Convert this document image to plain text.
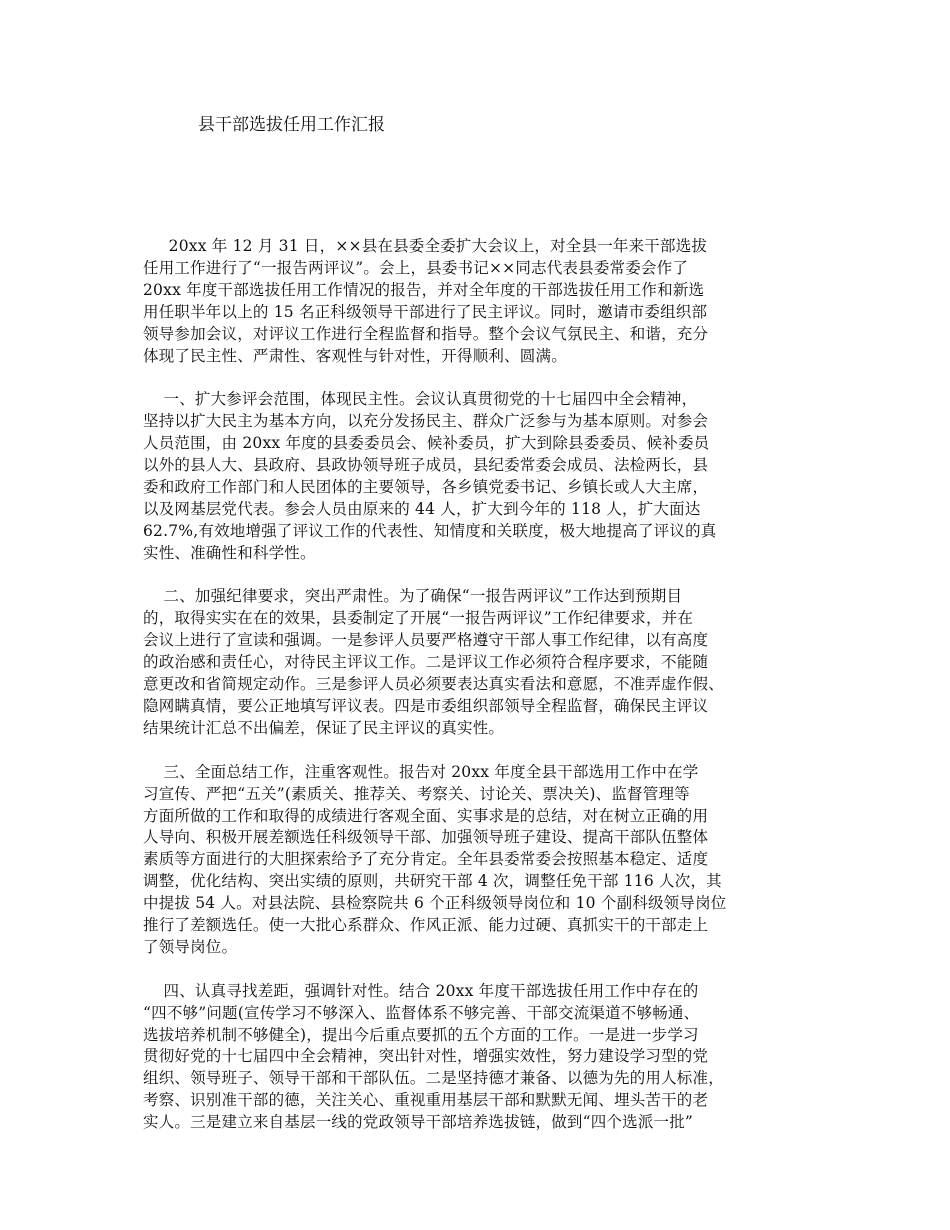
县干部选拔任用工作汇报
20xx 年 12 月 31 日，××县在县委全委扩大会议上，对全县一年来干部选拔
任用工作进行了“一报告两评议”。会上，县委书记××同志代表县委常委会作了
20xx 年度干部选拔任用工作情况的报告，并对全年度的干部选拔任用工作和新选
用任职半年以上的 15 名正科级领导干部进行了民主评议。同时，邀请市委组织部
领导参加会议，对评议工作进行全程监督和指导。整个会议气氛民主、和谐，充分
体现了民主性、严肃性、客观性与针对性，开得顺利、圆满。
一、扩大参评会范围，体现民主性。会议认真贯彻党的十七届四中全会精神，
坚持以扩大民主为基本方向，以充分发扬民主、群众广泛参与为基本原则。对参会
人员范围，由 20xx 年度的县委委员会、候补委员，扩大到除县委委员、候补委员
以外的县人大、县政府、县政协领导班子成员，县纪委常委会成员、法检两长，县
委和政府工作部门和人民团体的主要领导，各乡镇党委书记、乡镇长或人大主席，
以及网基层党代表。参会人员由原来的 44 人，扩大到今年的 118 人，扩大面达
62.7%,有效地增强了评议工作的代表性、知情度和关联度，极大地提高了评议的真
实性、准确性和科学性。
二、加强纪律要求，突出严肃性。为了确保“一报告两评议”工作达到预期目
的，取得实实在在的效果，县委制定了开展“一报告两评议”工作纪律要求，并在
会议上进行了宣读和强调。一是参评人员要严格遵守干部人事工作纪律，以有高度
的政治感和责任心，对待民主评议工作。二是评议工作必须符合程序要求，不能随
意更改和省简规定动作。三是参评人员必须要表达真实看法和意愿，不准弄虚作假、
隐网瞒真情，要公正地填写评议表。四是市委组织部领导全程监督，确保民主评议
结果统计汇总不出偏差，保证了民主评议的真实性。
三、全面总结工作，注重客观性。报告对 20xx 年度全县干部选用工作中在学
习宣传、严把“五关”(素质关、推荐关、考察关、讨论关、票决关)、监督管理等
方面所做的工作和取得的成绩进行客观全面、实事求是的总结，对在树立正确的用
人导向、积极开展差额选任科级领导干部、加强领导班子建设、提高干部队伍整体
素质等方面进行的大胆探索给予了充分肯定。全年县委常委会按照基本稳定、适度
调整，优化结构、突出实绩的原则，共研究干部 4 次，调整任免干部 116 人次，其
中提拔 54 人。对县法院、县检察院共 6 个正科级领导岗位和 10 个副科级领导岗位
推行了差额选任。使一大批心系群众、作风正派、能力过硬、真抓实干的干部走上
了领导岗位。
四、认真寻找差距，强调针对性。结合 20xx 年度干部选拔任用工作中存在的
“四不够”问题(宣传学习不够深入、监督体系不够完善、干部交流渠道不够畅通、
选拔培养机制不够健全)，提出今后重点要抓的五个方面的工作。一是进一步学习
贯彻好党的十七届四中全会精神，突出针对性，增强实效性，努力建设学习型的党
组织、领导班子、领导干部和干部队伍。二是坚持德才兼备、以德为先的用人标准，
考察、识别准干部的德，关注关心、重视重用基层干部和默默无闻、埋头苦干的老
实人。三是建立来自基层一线的党政领导干部培养选拔链，做到“四个选派一批”
